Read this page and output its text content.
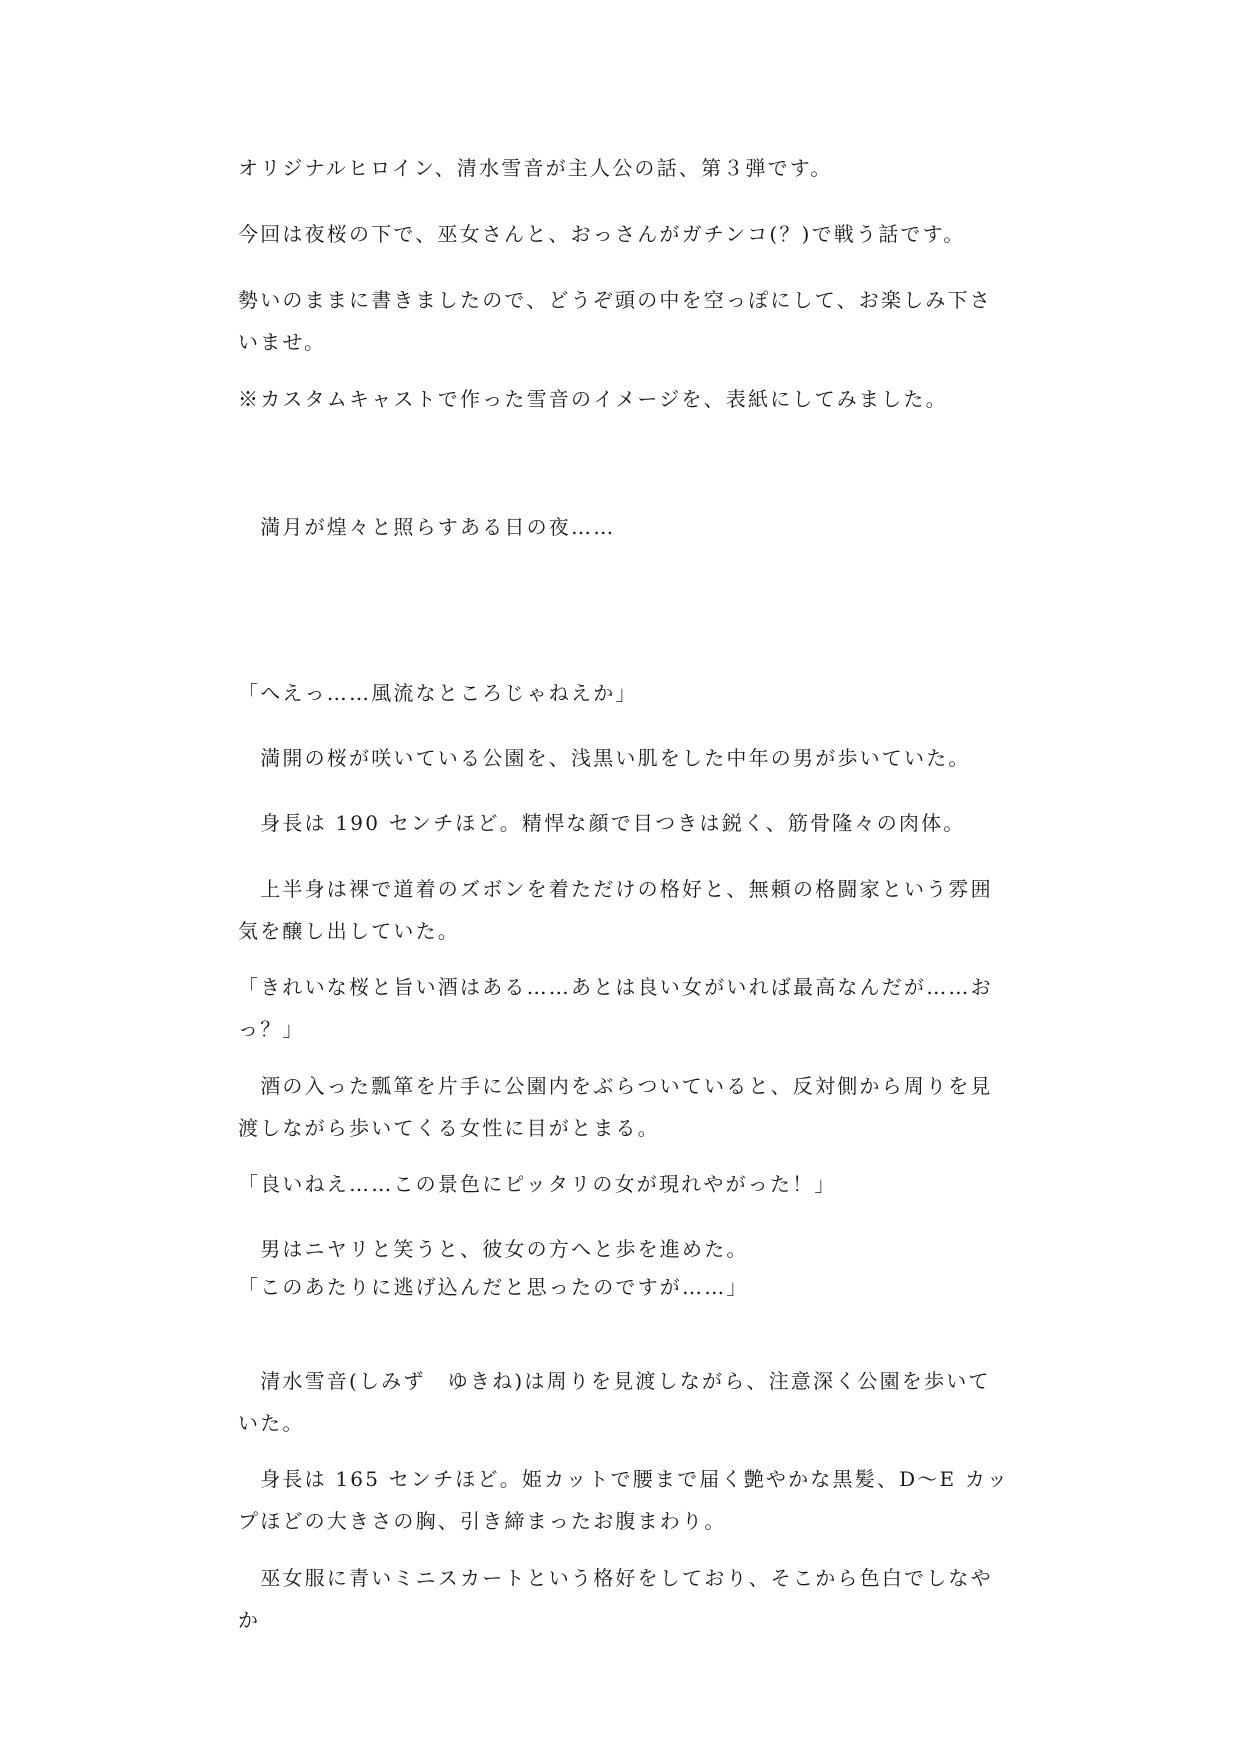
オリジナルヒロイン、清水雪音が主人公の話、第３弾です。

今回は夜桜の下で、巫女さんと、おっさんがガチンコ(？)で戦う話です。

勢いのままに書きましたので、どうぞ頭の中を空っぽにして、お楽しみ下さいませ。

※カスタムキャストで作った雪音のイメージを、表紙にしてみました。

　満月が煌々と照らすある日の夜……

「へえっ……風流なところじゃねえか」

　満開の桜が咲いている公園を、浅黒い肌をした中年の男が歩いていた。

　身長は 190 センチほど。精悍な顔で目つきは鋭く、筋骨隆々の肉体。

　上半身は裸で道着のズボンを着ただけの格好と、無頼の格闘家という雰囲気を醸し出していた。

「きれいな桜と旨い酒はある……あとは良い女がいれば最高なんだが……おっ？」

　酒の入った瓢箪を片手に公園内をぶらついていると、反対側から周りを見渡しながら歩いてくる女性に目がとまる。

「良いねえ……この景色にピッタリの女が現れやがった！」

　男はニヤリと笑うと、彼女の方へと歩を進めた。

「このあたりに逃げ込んだと思ったのですが……」

　清水雪音(しみず　ゆきね)は周りを見渡しながら、注意深く公園を歩いていた。

　身長は 165 センチほど。姫カットで腰まで届く艶やかな黒髪、D～E カップほどの大きさの胸、引き締まったお腹まわり。

　巫女服に青いミニスカートという格好をしており、そこから色白でしなやか
